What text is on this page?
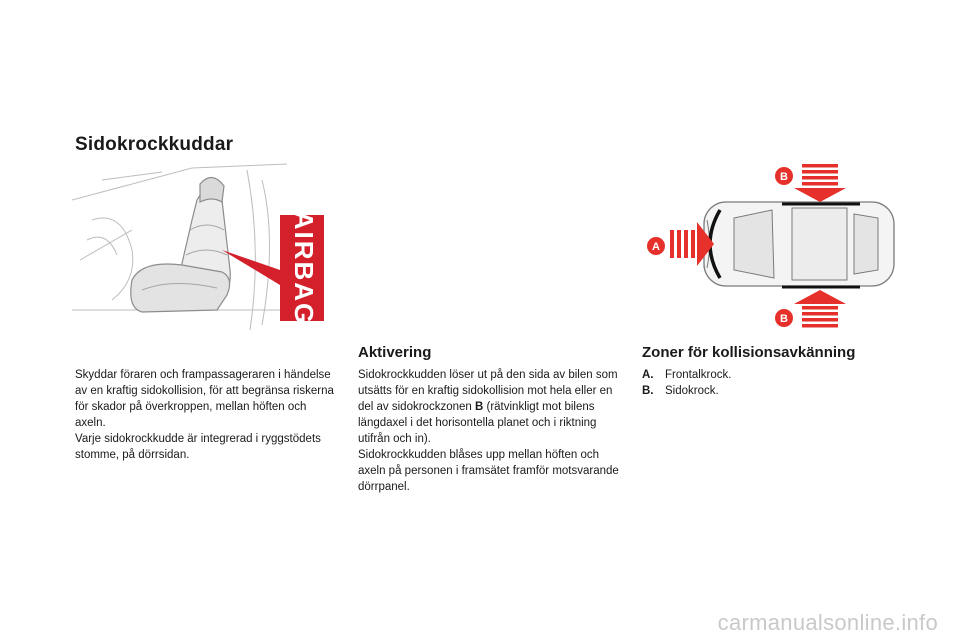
Sidokrockkuddar
AIRBAG	A
B
B

Skyddar föraren och frampassageraren i händelse av en kraftig sidokollision, för att begränsa riskerna för skador på överkroppen, mellan höften och axeln.

Varje sidokrockkudde är integrerad i ryggstödets stomme, på dörrsidan.

Aktivering

Sidokrockkudden löser ut på den sida av bilen som utsätts för en kraftig sidokollision mot hela eller en del av sidokrockzonen B (rätvinkligt mot bilens längdaxel i det horisontella planet och i riktning utifrån och in).

Sidokrockkudden blåses upp mellan höften och axeln på personen i framsätet framför motsvarande dörrpanel.

Zoner för kollisionsavkänning
A.	Frontalkrock.
B.	Sidokrock.
carmanualsonline.info
